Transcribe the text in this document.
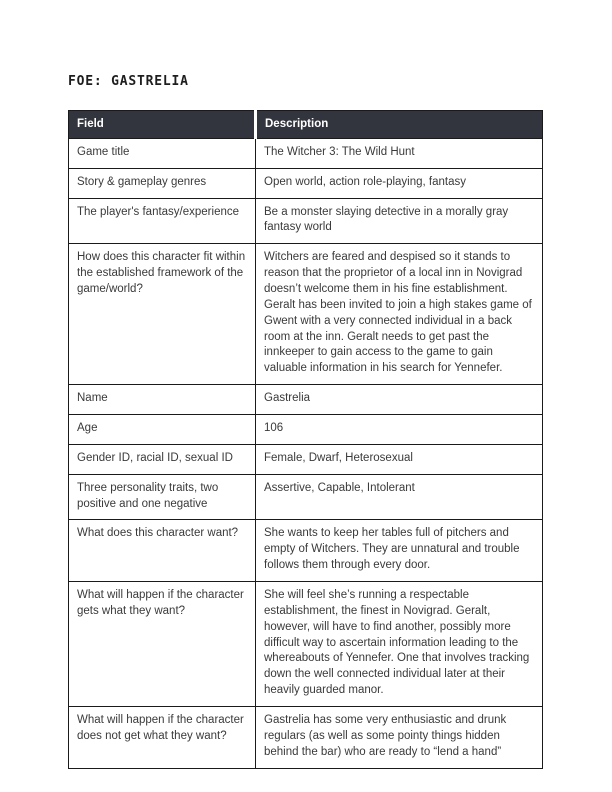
FOE: GASTRELIA
Field	Description
Game title	The Witcher 3: The Wild Hunt
Story & gameplay genres	Open world, action role-playing, fantasy
The player's fantasy/experience	Be a monster slaying detective in a morally gray fantasy world
How does this character fit within the established framework of the game/world?	Witchers are feared and despised so it stands to reason that the proprietor of a local inn in Novigrad doesn’t welcome them in his fine establishment. Geralt has been invited to join a high stakes game of Gwent with a very connected individual in a back room at the inn. Geralt needs to get past the innkeeper to gain access to the game to gain valuable information in his search for Yennefer.
Name	Gastrelia
Age	106
Gender ID, racial ID, sexual ID	Female, Dwarf, Heterosexual
Three personality traits, two positive and one negative	Assertive, Capable, Intolerant
What does this character want?	She wants to keep her tables full of pitchers and empty of Witchers. They are unnatural and trouble follows them through every door.
What will happen if the character gets what they want?	She will feel she’s running a respectable establishment, the finest in Novigrad. Geralt, however, will have to find another, possibly more difficult way to ascertain information leading to the whereabouts of Yennefer. One that involves tracking down the well connected individual later at their heavily guarded manor.
What will happen if the character does not get what they want?	Gastrelia has some very enthusiastic and drunk regulars (as well as some pointy things hidden behind the bar) who are ready to “lend a hand”
